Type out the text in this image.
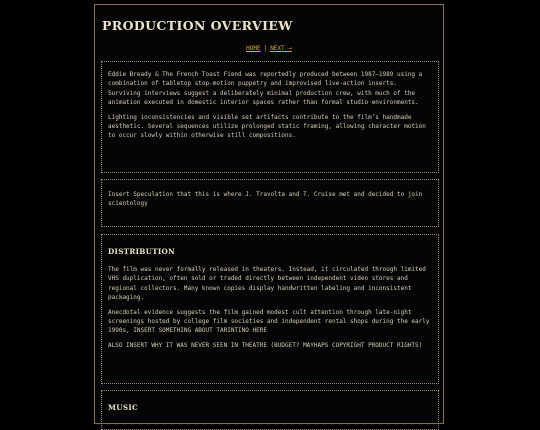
PRODUCTION OVERVIEW
HOME | NEXT →

Eddie Bready & The French Toast Fiend was reportedly produced between 1987–1989 using a combination of tabletop stop-motion puppetry and improvised live-action inserts. Surviving interviews suggest a deliberately minimal production crew, with much of the animation executed in domestic interior spaces rather than formal studio environments.

Lighting inconsistencies and visible set artifacts contribute to the film’s handmade aesthetic. Several sequences utilize prolonged static framing, allowing character motion to occur slowly within otherwise still compositions.

Insert Speculation that this is where J. Travolta and T. Cruise met and decided to join scientology

DISTRIBUTION

The film was never formally released in theaters. Instead, it circulated through limited VHS duplication, often sold or traded directly between independent video stores and regional collectors. Many known copies display handwritten labeling and inconsistent packaging.

Anecdotal evidence suggests the film gained modest cult attention through late-night screenings hosted by college film societies and independent rental shops during the early 1990s, INSERT SOMETHING ABOUT TARINTINO HERE

ALSO INSERT WHY IT WAS NEVER SEEN IN THEATRE (BUDGET? MAYHAPS COPYRIGHT PRODUCT RIGHTS)

MUSIC
